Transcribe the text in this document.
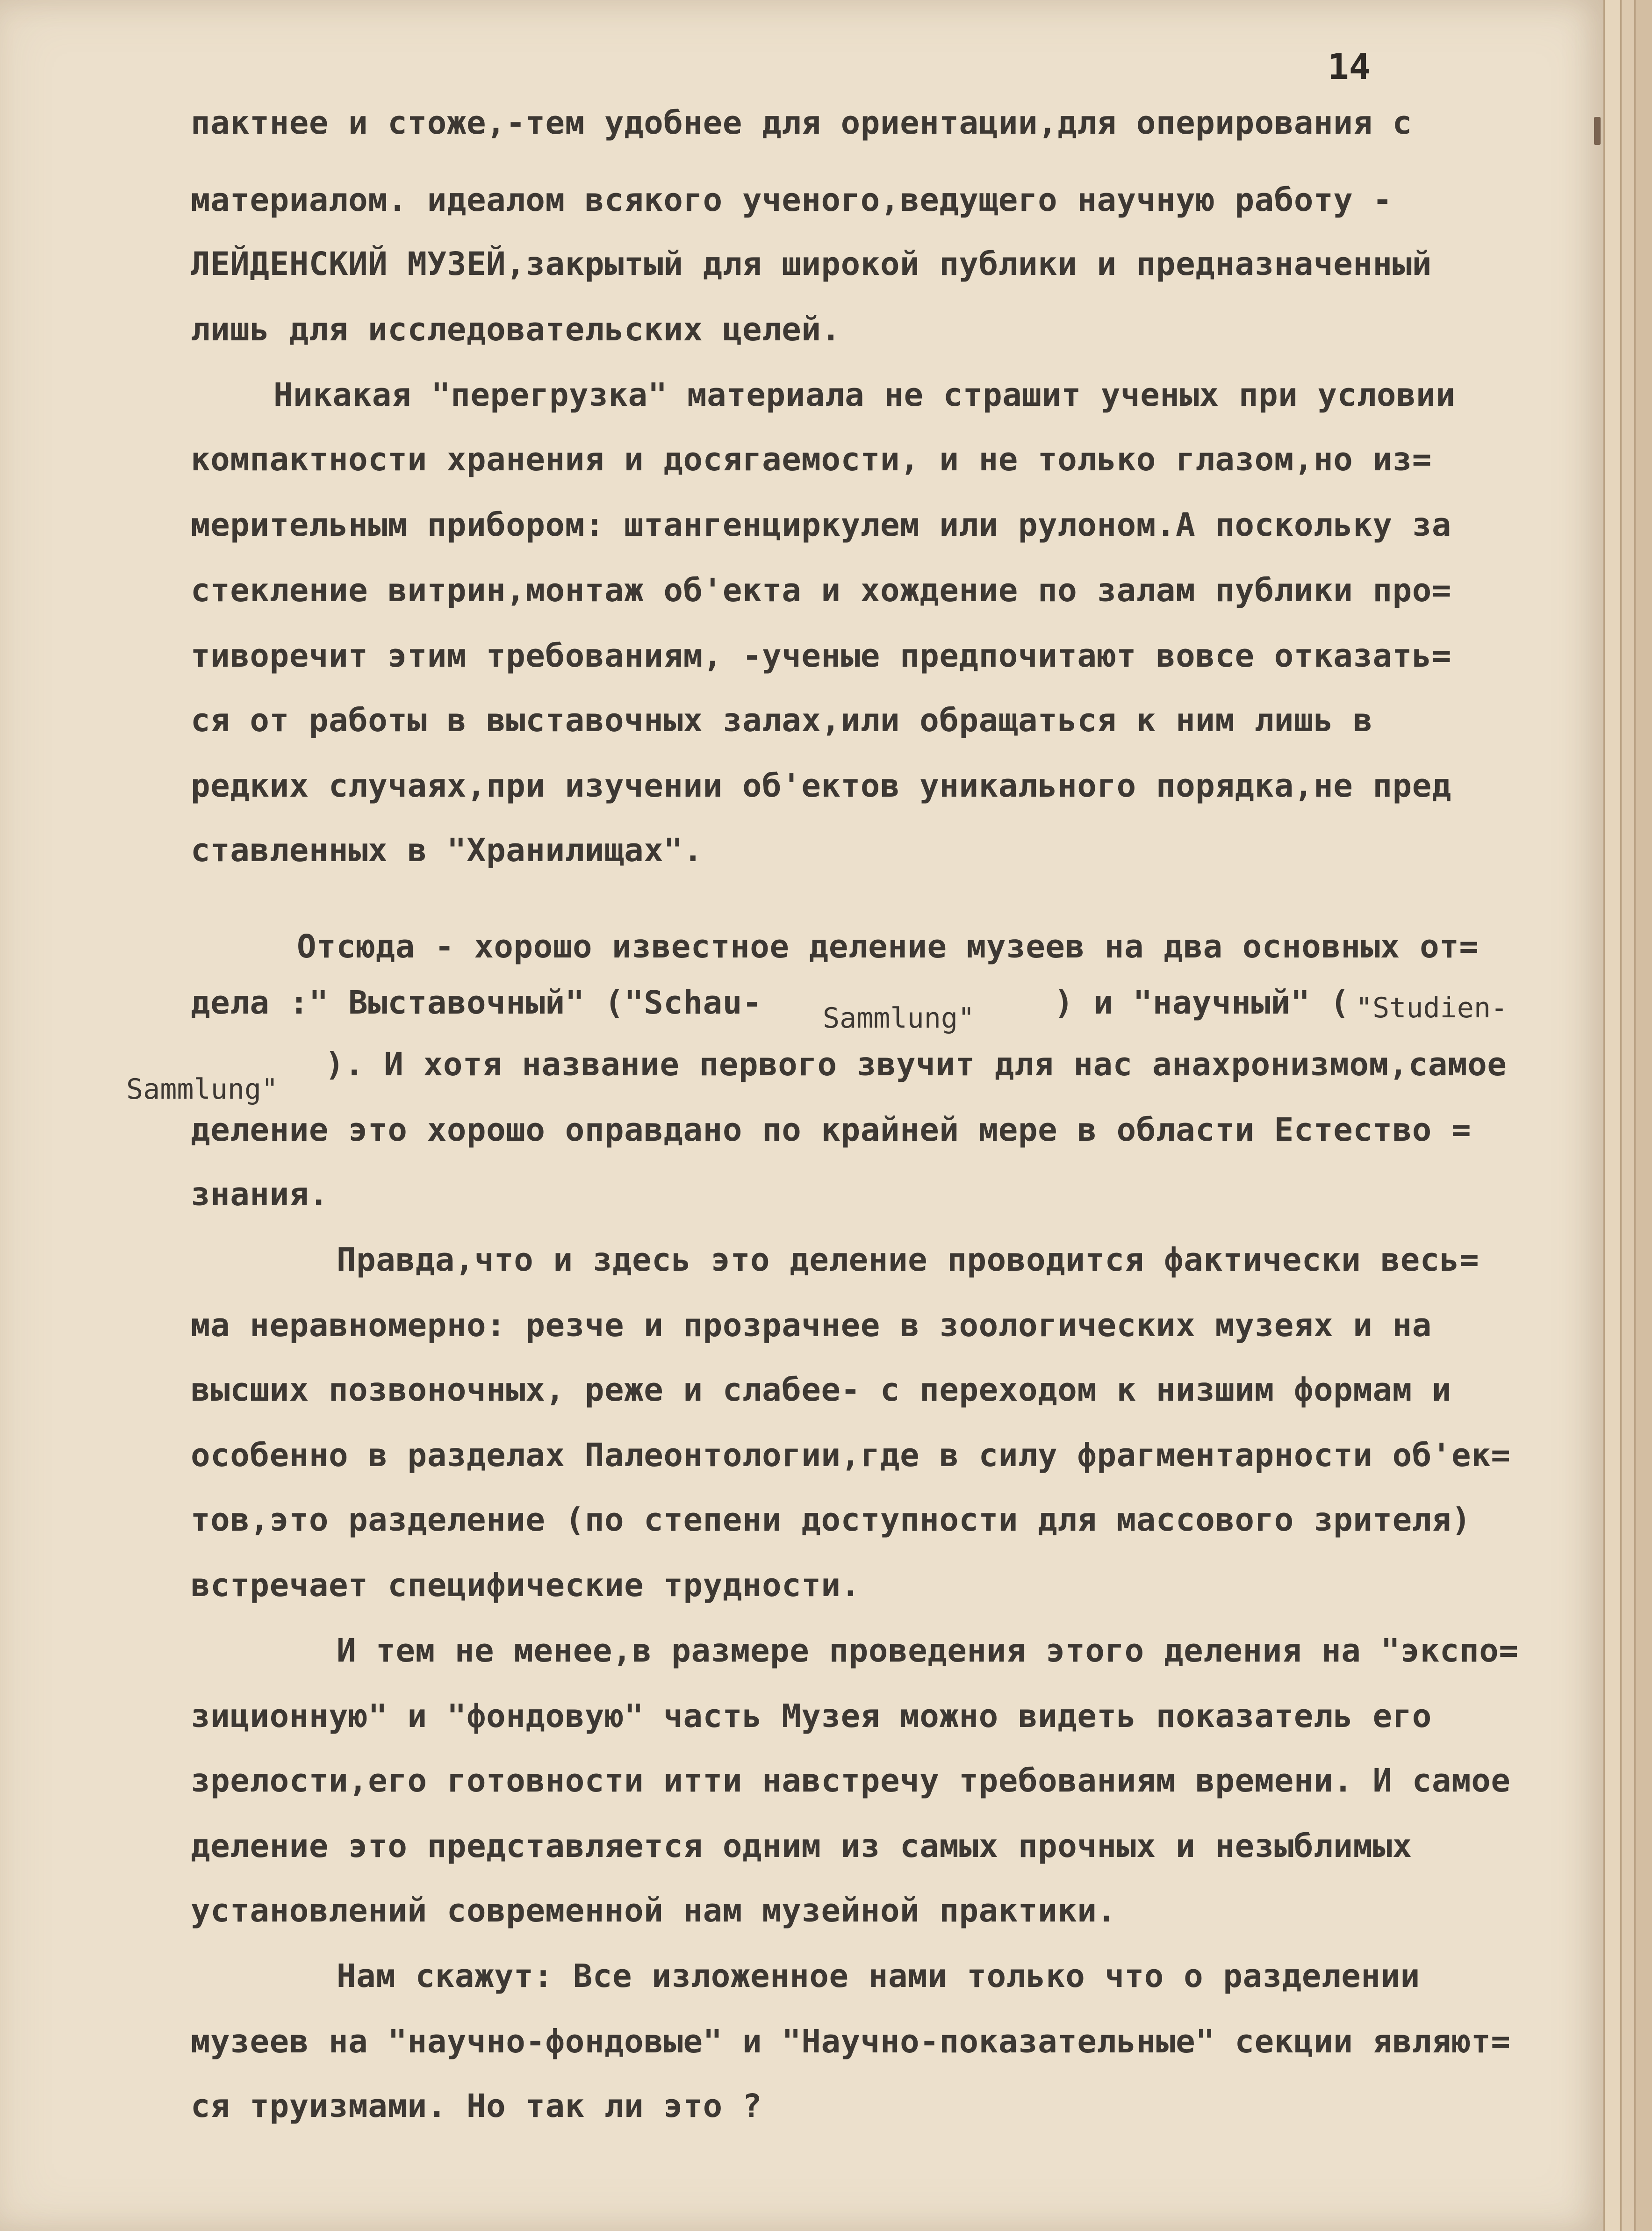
14

пактнее и стоже,-тем удобнее для ориентации,для оперирования с

материалом. идеалом всякого ученого,ведущего научную работу -

ЛЕЙДЕНСКИЙ МУЗЕЙ,закрытый для широкой публики и предназначенный

лишь для исследовательских целей.

Никакая "перегрузка" материала не страшит ученых при условии

компактности хранения и досягаемости, и не только глазом,но из=

мерительным прибором: штангенциркулем или рулоном.А поскольку за

стекление витрин,монтаж об'екта и хождение по залам публики про=

тиворечит этим требованиям, -ученые предпочитают вовсе отказать=

ся от работы в выставочных залах,или обращаться к ним лишь в

редких случаях,при изучении об'ектов уникального порядка,не пред

ставленных в "Хранилищах".

Отсюда - хорошо известное деление музеев на два основных от=

дела :" Выставочный" ("Schau- Sammlung" ) и "научный" ( "Studien-

Sammlung"

). И хотя название первого звучит для нас анахронизмом,самое

деление это хорошо оправдано по крайней мере в области Естество =

знания.

Правда,что и здесь это деление проводится фактически весь=

ма неравномерно: резче и прозрачнее в зоологических музеях и на

высших позвоночных, реже и слабее- с переходом к низшим формам и

особенно в разделах Палеонтологии,где в силу фрагментарности об'ек=

тов,это разделение (по степени доступности для массового зрителя)

встречает специфические трудности.

И тем не менее,в размере проведения этого деления на "экспо=

зиционную" и "фондовую" часть Музея можно видеть показатель его

зрелости,его готовности итти навстречу требованиям времени. И самое

деление это представляется одним из самых прочных и незыблимых

установлений современной нам музейной практики.

Нам скажут: Все изложенное нами только что о разделении

музеев на "научно-фондовые" и "Научно-показательные" секции являют=

ся труизмами. Но так ли это ?
